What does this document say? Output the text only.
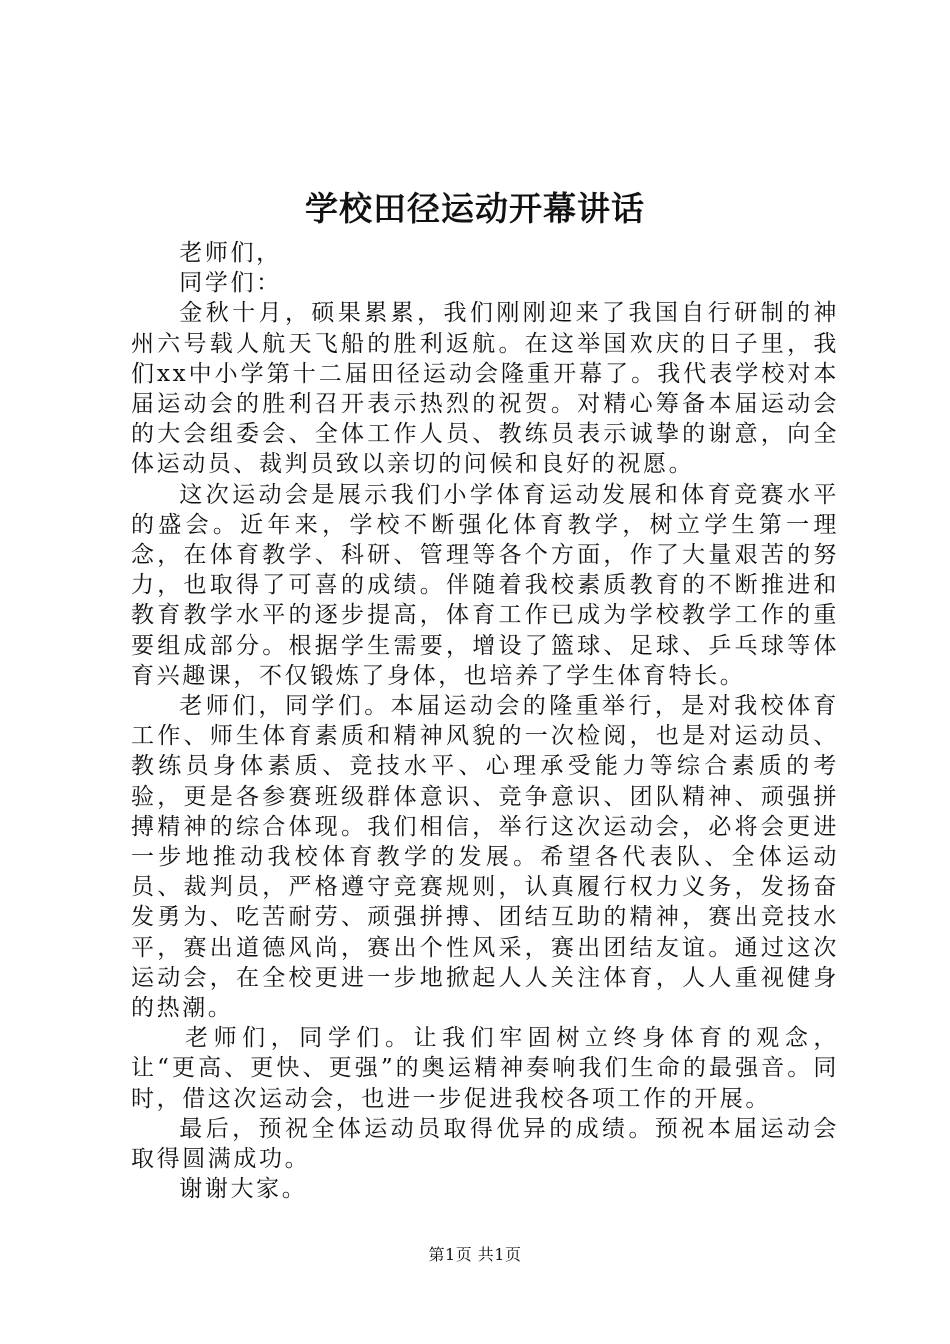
学校田径运动开幕讲话

老师们，

同学们：

金秋十月，硕果累累，我们刚刚迎来了我国自行研制的神州六号载人航天飞船的胜利返航。在这举国欢庆的日子里，我们xx中小学第十二届田径运动会隆重开幕了。我代表学校对本届运动会的胜利召开表示热烈的祝贺。对精心筹备本届运动会的大会组委会、全体工作人员、教练员表示诚挚的谢意，向全体运动员、裁判员致以亲切的问候和良好的祝愿。

这次运动会是展示我们小学体育运动发展和体育竞赛水平的盛会。近年来，学校不断强化体育教学，树立学生第一理念，在体育教学、科研、管理等各个方面，作了大量艰苦的努力，也取得了可喜的成绩。伴随着我校素质教育的不断推进和教育教学水平的逐步提高，体育工作已成为学校教学工作的重要组成部分。根据学生需要，增设了篮球、足球、乒乓球等体育兴趣课，不仅锻炼了身体，也培养了学生体育特长。

老师们，同学们。本届运动会的隆重举行，是对我校体育工作、师生体育素质和精神风貌的一次检阅，也是对运动员、教练员身体素质、竞技水平、心理承受能力等综合素质的考验，更是各参赛班级群体意识、竞争意识、团队精神、顽强拼搏精神的综合体现。我们相信，举行这次运动会，必将会更进一步地推动我校体育教学的发展。希望各代表队、全体运动员、裁判员，严格遵守竞赛规则，认真履行权力义务，发扬奋发勇为、吃苦耐劳、顽强拼搏、团结互助的精神，赛出竞技水平，赛出道德风尚，赛出个性风采，赛出团结友谊。通过这次运动会，在全校更进一步地掀起人人关注体育，人人重视健身的热潮。

老师们，同学们。让我们牢固树立终身体育的观念，让“更高、更快、更强”的奥运精神奏响我们生命的最强音。同时，借这次运动会，也进一步促进我校各项工作的开展。

最后，预祝全体运动员取得优异的成绩。预祝本届运动会取得圆满成功。

谢谢大家。

第1页 共1页
